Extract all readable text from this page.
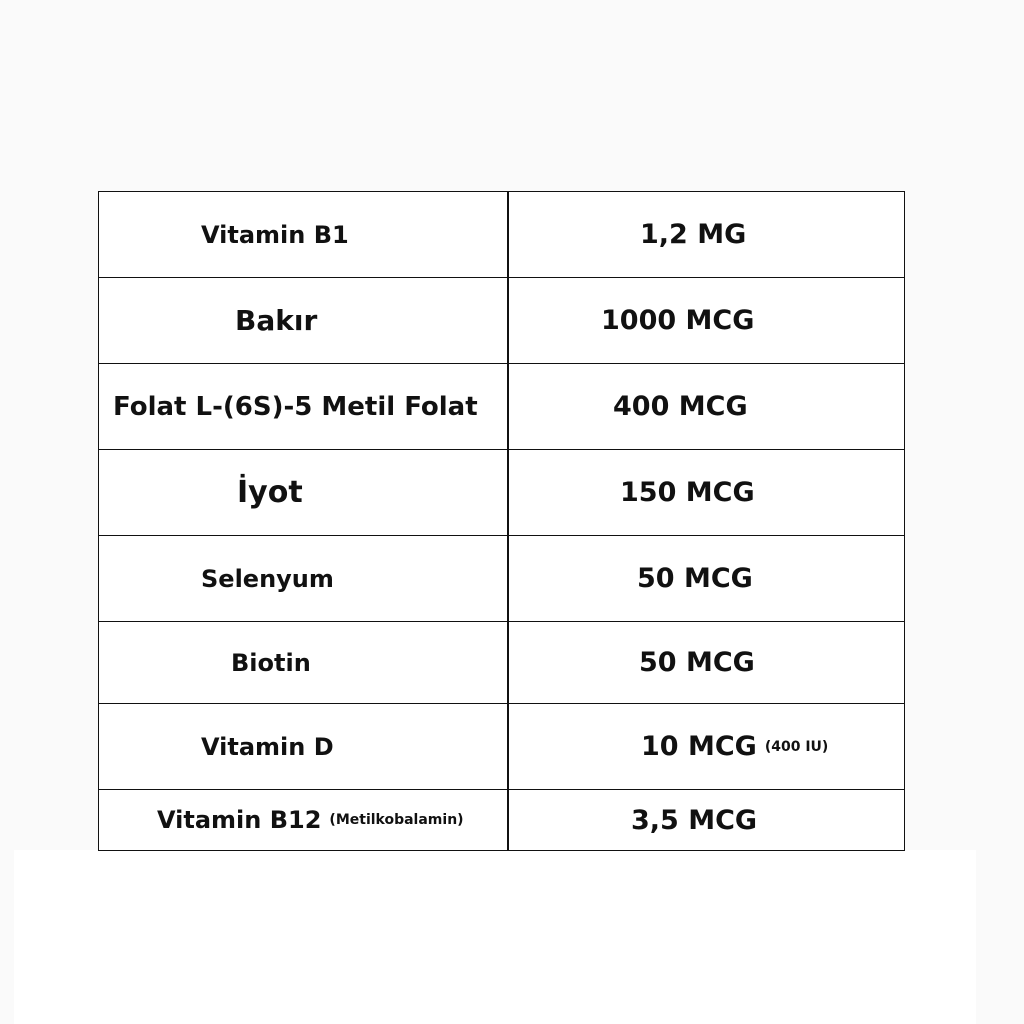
Vitamin B1	1,2 MG
Bakır	1000 MCG
Folat L-(6S)-5 Metil Folat	400 MCG
İyot	150 MCG
Selenyum	50 MCG
Biotin	50 MCG
Vitamin D	10 MCG (400 IU)
Vitamin B12 (Metilkobalamin)	3,5 MCG
